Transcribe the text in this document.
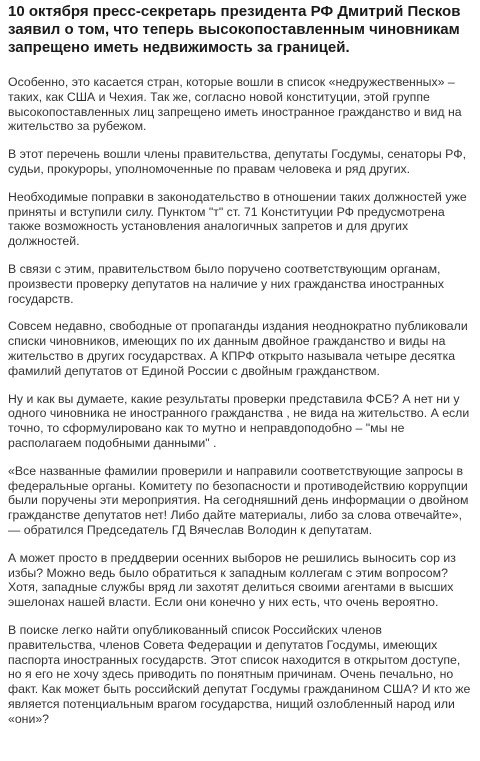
10 октября пресс-секретарь президента РФ Дмитрий Песков заявил о том, что теперь высокопоставленным чиновникам запрещено иметь недвижимость за границей.

Особенно, это касается стран, которые вошли в список «недружественных» – таких, как США и Чехия. Так же, согласно новой конституции, этой группе высокопоставленных лиц запрещено иметь иностранное гражданство и вид на жительство за рубежом.

В этот перечень вошли члены правительства, депутаты Госдумы, сенаторы РФ, судьи, прокуроры, уполномоченные по правам человека и ряд других.

Необходимые поправки в законодательство в отношении таких должностей уже приняты и вступили силу. Пунктом "т" ст. 71 Конституции РФ предусмотрена также возможность установления аналогичных запретов и для других должностей.

В связи с этим, правительством было поручено соответствующим органам, произвести проверку депутатов на наличие у них гражданства иностранных государств.

Совсем недавно, свободные от пропаганды издания неоднократно публиковали списки чиновников, имеющих по их данным двойное гражданство и виды на жительство в других государствах. А КПРФ открыто называла четыре десятка фамилий депутатов от Единой России с двойным гражданством.

Ну и как вы думаете, какие результаты проверки представила ФСБ? А нет ни у одного чиновника не иностранного гражданства , не вида на жительство. А если точно, то сформулировано как то мутно и неправдоподобно – "мы не располагаем подобными данными" .

«Все названные фамилии проверили и направили соответствующие запросы в федеральные органы. Комитету по безопасности и противодействию коррупции были поручены эти мероприятия. На сегодняшний день информации о двойном гражданстве депутатов нет! Либо дайте материалы, либо за слова отвечайте», — обратился Председатель ГД Вячеслав Володин к депутатам.

А может просто в преддверии осенних выборов не решились выносить сор из избы? Можно ведь было обратиться к западным коллегам с этим вопросом? Хотя, западные службы вряд ли захотят делиться своими агентами в высших эшелонах нашей власти. Если они конечно у них есть, что очень вероятно.

В поиске легко найти опубликованный список Российских членов правительства, членов Совета Федерации и депутатов Госдумы, имеющих паспорта иностранных государств. Этот список находится в открытом доступе, но я его не хочу здесь приводить по понятным причинам. Очень печально, но факт. Как может быть российский депутат Госдумы гражданином США? И кто же является потенциальным врагом государства, нищий озлобленный народ или «они»?
